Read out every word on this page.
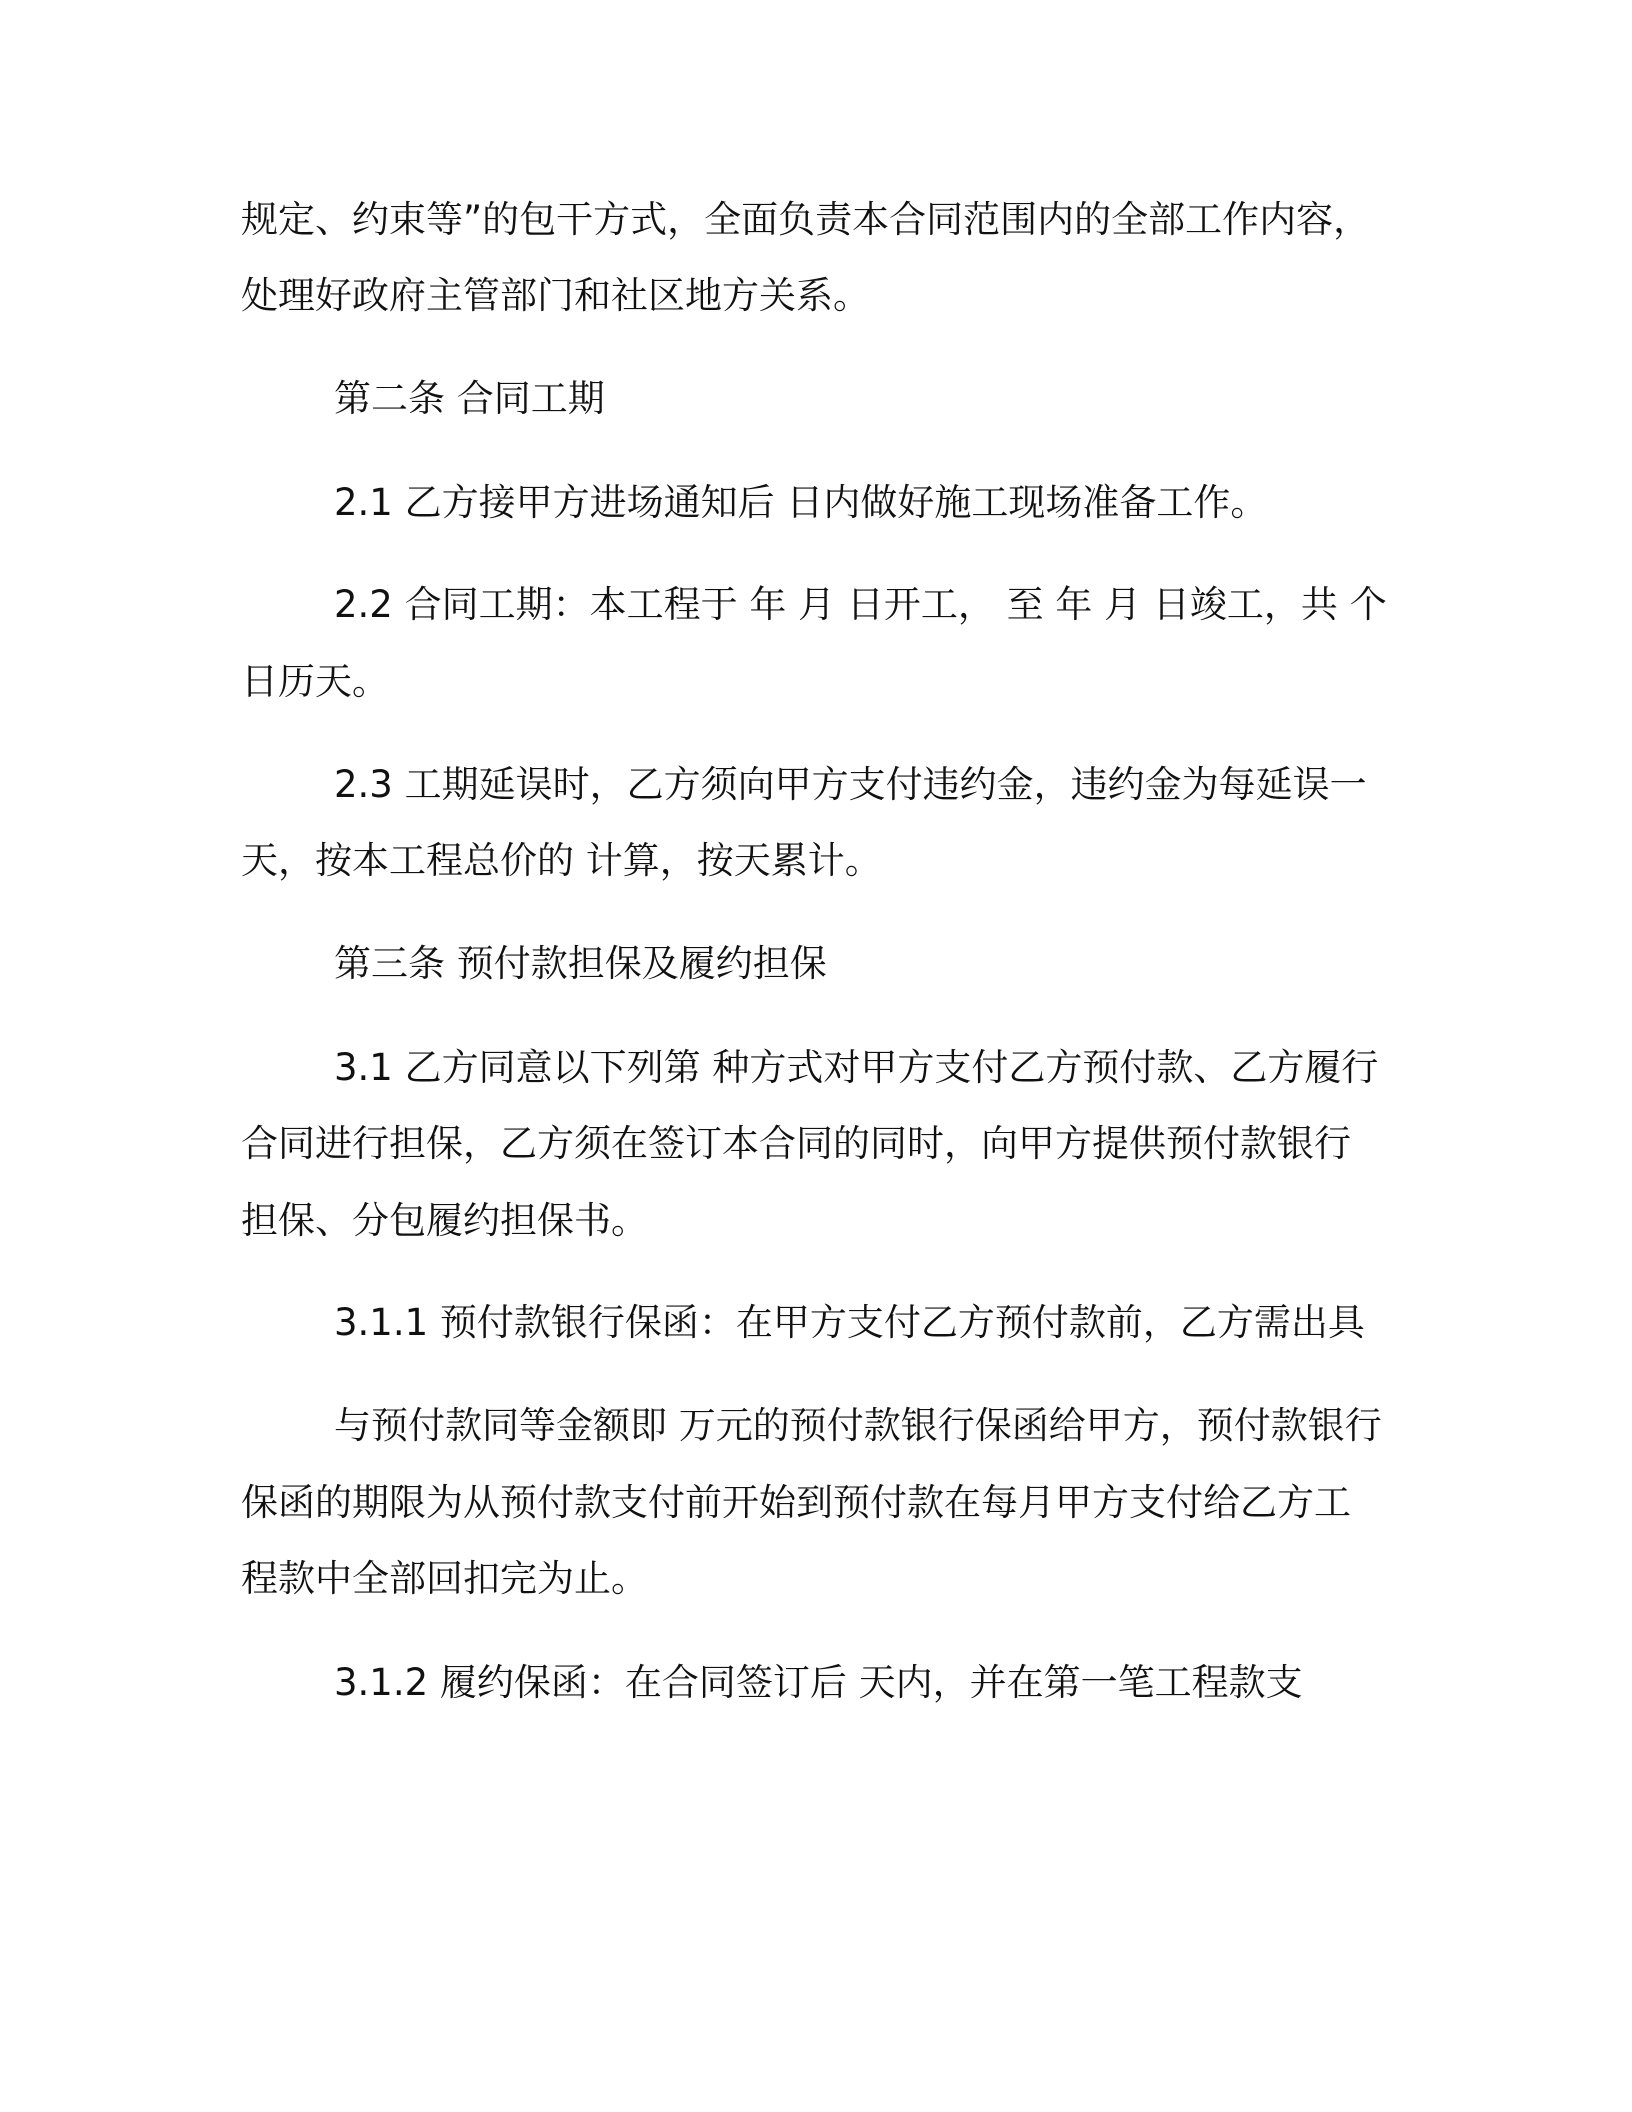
规定、约束等”的包干方式，全面负责本合同范围内的全部工作内容，

处理好政府主管部门和社区地方关系。

第二条 合同工期

2.1 乙方接甲方进场通知后 日内做好施工现场准备工作。

2.2 合同工期：本工程于 年 月 日开工， 至 年 月 日竣工，共 个

日历天。

2.3 工期延误时，乙方须向甲方支付违约金，违约金为每延误一

天，按本工程总价的 计算，按天累计。

第三条 预付款担保及履约担保

3.1 乙方同意以下列第 种方式对甲方支付乙方预付款、乙方履行

合同进行担保，乙方须在签订本合同的同时，向甲方提供预付款银行

担保、分包履约担保书。

3.1.1 预付款银行保函：在甲方支付乙方预付款前，乙方需出具

与预付款同等金额即 万元的预付款银行保函给甲方，预付款银行

保函的期限为从预付款支付前开始到预付款在每月甲方支付给乙方工

程款中全部回扣完为止。

3.1.2 履约保函：在合同签订后 天内，并在第一笔工程款支
